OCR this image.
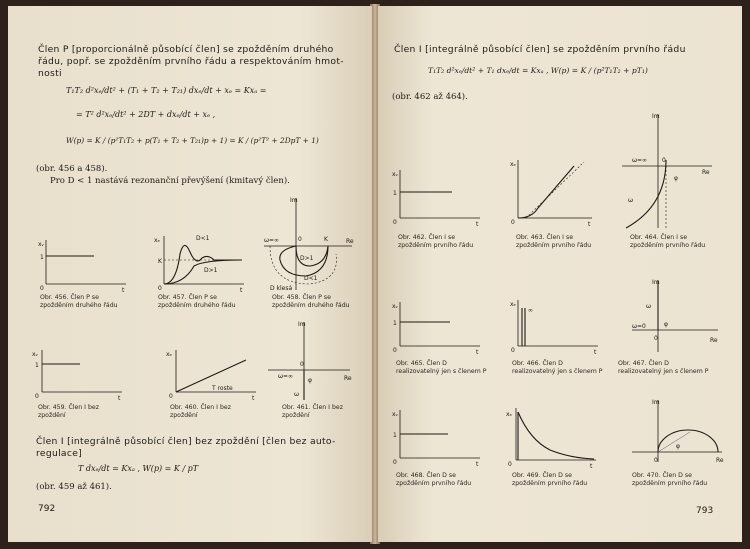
Člen P [proporcionálně působící člen] se zpožděním druhého
řádu, popř. se zpožděním prvního řádu a respektováním hmot-
nosti
T₁T₂ d²xₑ/dt² + (T₁ + T₂ + T₂₁) dxₑ/dt + xₑ = Kxₐ =
= T² d²xₑ/dt² + 2DT + dxₑ/dt + xₑ ,
W(p) = K / (p²T₁T₂ + p(T₁ + T₂ + T₂₁)p + 1) = K / (p²T² + 2DpT + 1)
(obr. 456 a 458).
Pro D < 1 nastává rezonanční převýšení (kmitavý člen).
xᵥ
1
0	t
Obr. 456. Člen P se
zpožděním druhého řádu
xₑ
K
0	t
D<1
D>1
Obr. 457. Člen P se
zpožděním druhého řádu
Im
Re
K
0
ω=∞
D>1
D<1
D klesá
Obr. 458. Člen P se
zpožděním druhého řádu
xᵥ
1
0	t
Obr. 459. Člen I bez
zpoždění
xₑ
0	t
T roste
Obr. 460. Člen I bez
zpoždění
Im
Re
0
ω=∞
ω
φ
Obr. 461. Člen I bez
zpoždění
Člen I [integrálně působící člen] bez zpoždění [člen bez auto-
regulace]
T dxₑ/dt = Kxₐ , W(p) = K / pT
(obr. 459 až 461).
792
Člen I [integrálně působící člen] se zpožděním prvního řádu
T₁T₂ d²xₑ/dt² + T₁ dxₑ/dt = Kxₐ , W(p) = K / (p²T₁T₂ + pT₁)
(obr. 462 až 464).
xᵥ
1
0	t
Obr. 462. Člen I se
zpožděním prvního řádu
xₑ
0	t
Obr. 463. Člen I se
zpožděním prvního řádu
Im
Re
0
ω=∞
ω
φ
Obr. 464. Člen I se
zpožděním prvního řádu
xᵥ
1
0	t
Obr. 465. Člen D
realizovatelný jen s členem P
xₑ
∞
0	t
Obr. 466. Člen D
realizovatelný jen s členem P
Im
Re
0
ω=0
ω
φ
Obr. 467. Člen D
realizovatelný jen s členem P
xᵥ
1
0	t
Obr. 468. Člen D se
zpožděním prvního řádu
xₑ
0	t
Obr. 469. Člen D se
zpožděním prvního řádu
Im
Re
0
φ
Obr. 470. Člen D se
zpožděním prvního řádu
793
